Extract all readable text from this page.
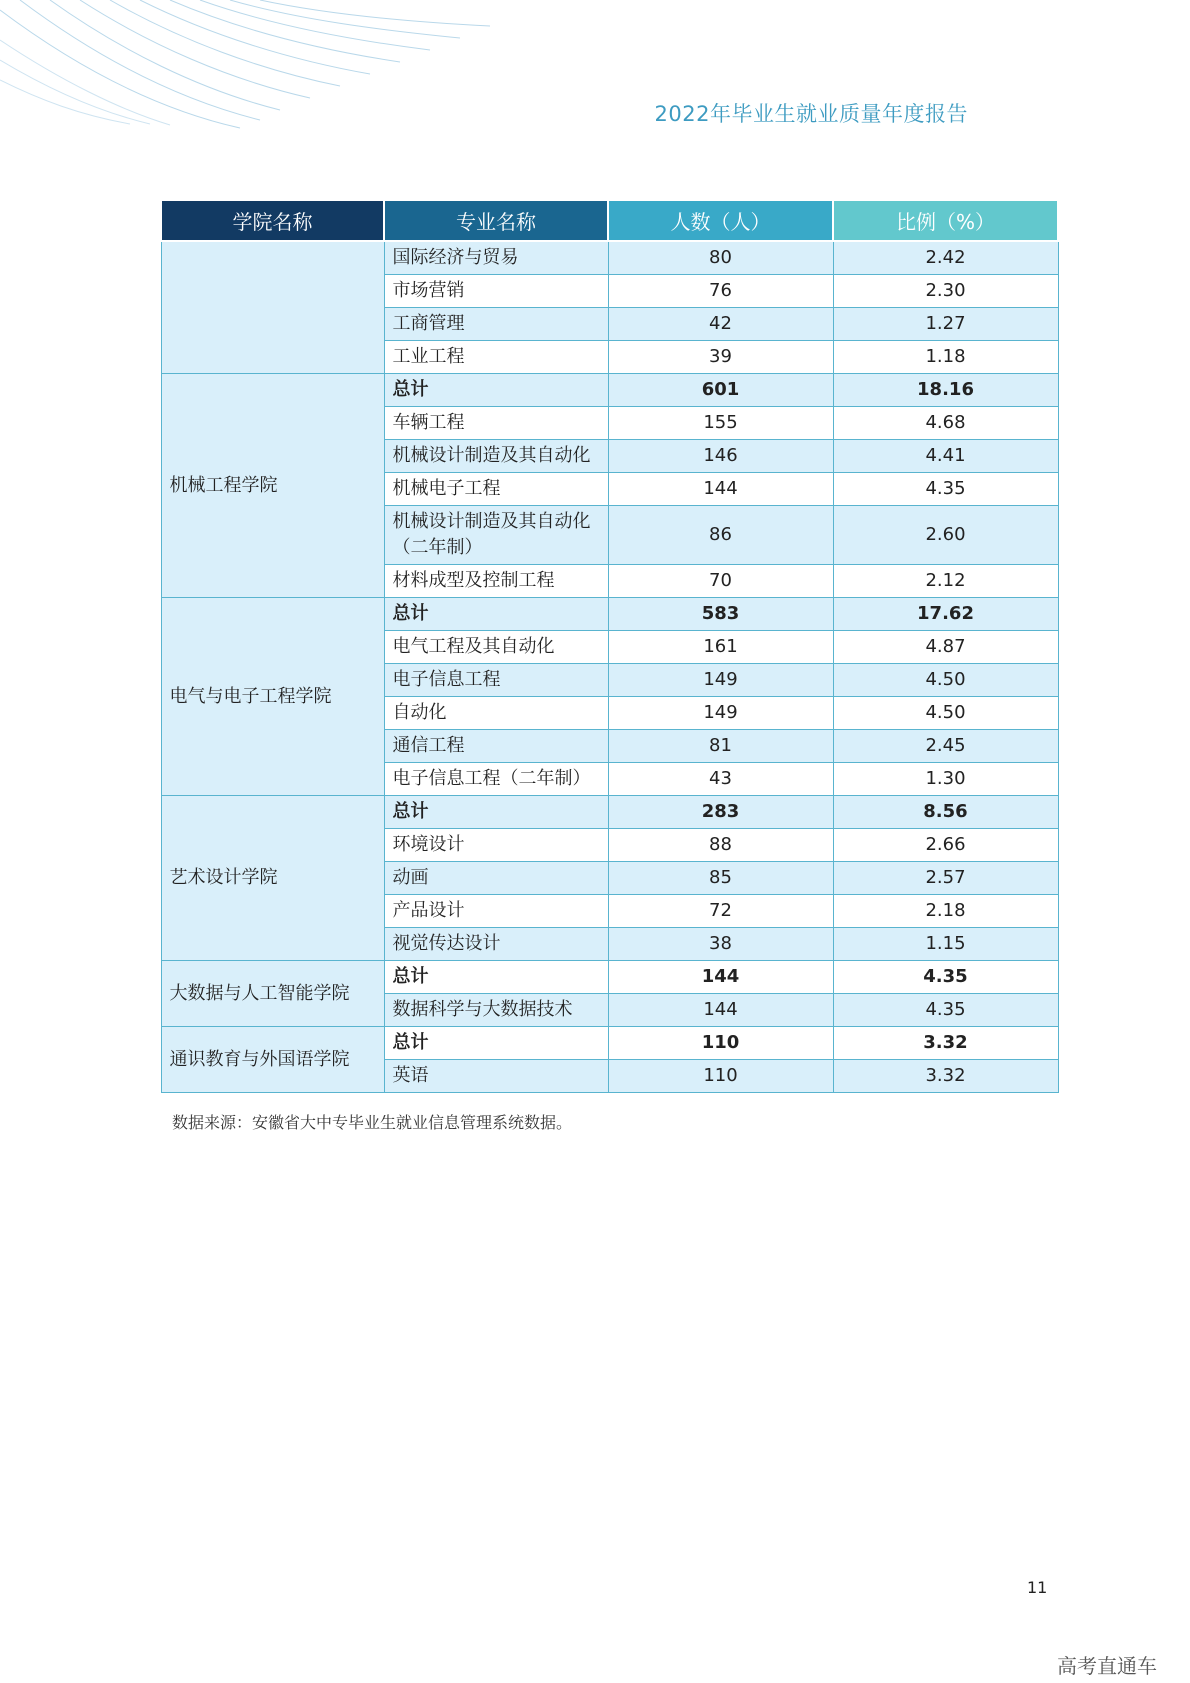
2022年毕业生就业质量年度报告
学院名称	专业名称	人数（人）	比例（%）
	国际经济与贸易	80	2.42
	市场营销	76	2.30
	工商管理	42	1.27
	工业工程	39	1.18
机械工程学院	总计	601	18.16
	车辆工程	155	4.68
	机械设计制造及其自动化	146	4.41
	机械电子工程	144	4.35
	机械设计制造及其自动化（二年制）	86	2.60
	材料成型及控制工程	70	2.12
电气与电子工程学院	总计	583	17.62
	电气工程及其自动化	161	4.87
	电子信息工程	149	4.50
	自动化	149	4.50
	通信工程	81	2.45
	电子信息工程（二年制）	43	1.30
艺术设计学院	总计	283	8.56
	环境设计	88	2.66
	动画	85	2.57
	产品设计	72	2.18
	视觉传达设计	38	1.15
大数据与人工智能学院	总计	144	4.35
	数据科学与大数据技术	144	4.35
通识教育与外国语学院	总计	110	3.32
	英语	110	3.32
数据来源：安徽省大中专毕业生就业信息管理系统数据。
11
高考直通车
